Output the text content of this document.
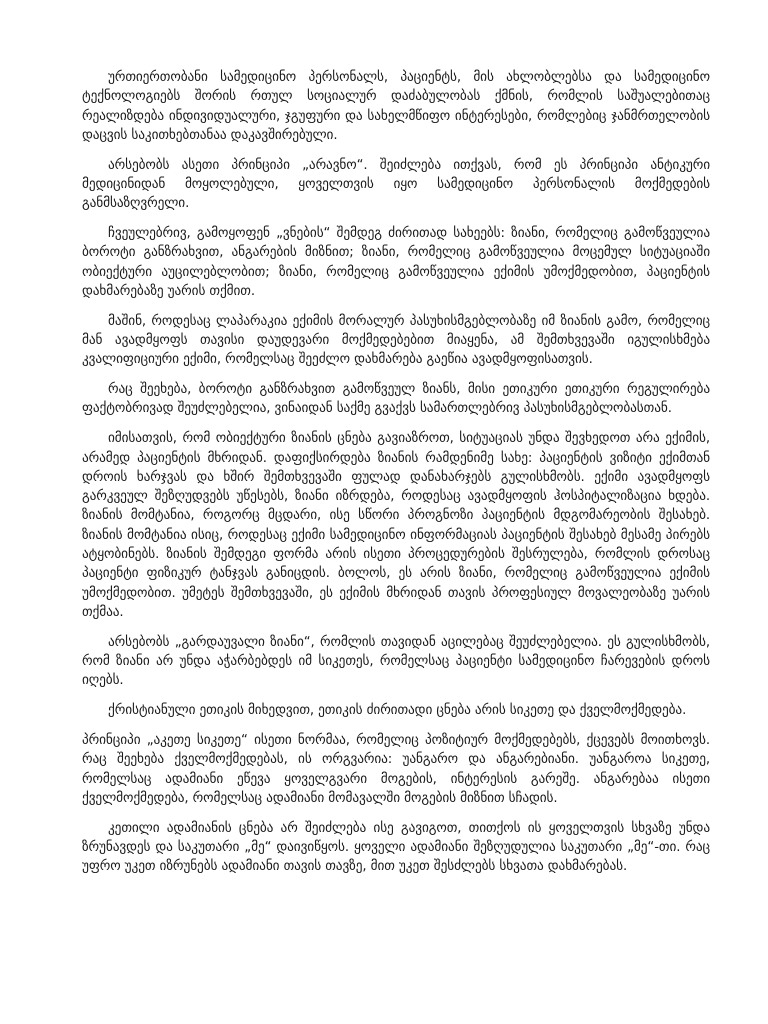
ურთიერთობანი სამედიცინო პერსონალს, პაციენტს, მის ახლობლებსა და სამედიცინო ტექნოლოგიებს შორის რთულ სოციალურ დაძაბულობას ქმნის, რომლის საშუალებითაც რეალიზდება ინდივიდუალური, ჯგუფური და სახელმწიფო ინტერესები, რომლებიც ჯანმრთელობის დაცვის საკითხებთანაა დაკავშირებული.

არსებობს ასეთი პრინციპი „არავნო“. შეიძლება ითქვას, რომ ეს პრინციპი ანტიკური მედიცინიდან მოყოლებული, ყოველთვის იყო სამედიცინო პერსონალის მოქმედების განმსაზღვრელი.

ჩვეულებრივ, გამოყოფენ „ვნების“ შემდეგ ძირითად სახეებს: ზიანი, რომელიც გამოწვეულია ბოროტი განზრახვით, ანგარების მიზნით; ზიანი, რომელიც გამოწვეულია მოცემულ სიტუაციაში ობიექტური აუცილებლობით; ზიანი, რომელიც გამოწვეულია ექიმის უმოქმედობით, პაციენტის დახმარებაზე უარის თქმით.

მაშინ, როდესაც ლაპარაკია ექიმის მორალურ პასუხისმგებლობაზე იმ ზიანის გამო, რომელიც მან ავადმყოფს თავისი დაუდევარი მოქმედებებით მიაყენა, ამ შემთხვევაში იგულისხმება კვალიფიციური ექიმი, რომელსაც შეეძლო დახმარება გაეწია ავადმყოფისათვის.

რაც შეეხება, ბოროტი განზრახვით გამოწვეულ ზიანს, მისი ეთიკური ეთიკური რეგულირება ფაქტობრივად შეუძლებელია, ვინაიდან საქმე გვაქვს სამართლებრივ პასუხისმგებლობასთან.

იმისათვის, რომ ობიექტური ზიანის ცნება გავიაზროთ, სიტუაციას უნდა შევხედოთ არა ექიმის, არამედ პაციენტის მხრიდან. დაფიქსირდება ზიანის რამდენიმე სახე: პაციენტის ვიზიტი ექიმთან დროის ხარჯვას და ხშირ შემთხვევაში ფულად დანახარჯებს გულისხმობს. ექიმი ავადმყოფს გარკვეულ შეზღუდვებს უწესებს, ზიანი იზრდება, როდესაც ავადმყოფის ჰოსპიტალიზაცია ხდება. ზიანის მომტანია, როგორც მცდარი, ისე სწორი პროგნოზი პაციენტის მდგომარეობის შესახებ. ზიანის მომტანია ისიც, როდესაც ექიმი სამედიცინო ინფორმაციას პაციენტის შესახებ მესამე პირებს ატყობინებს. ზიანის შემდეგი ფორმა არის ისეთი პროცედურების შესრულება, რომლის დროსაც პაციენტი ფიზიკურ ტანჯვას განიცდის. ბოლოს, ეს არის ზიანი, რომელიც გამოწვეულია ექიმის უმოქმედობით. უმეტეს შემთხვევაში, ეს ექიმის მხრიდან თავის პროფესიულ მოვალეობაზე უარის თქმაა.

არსებობს „გარდაუვალი ზიანი“, რომლის თავიდან აცილებაც შეუძლებელია. ეს გულისხმობს, რომ ზიანი არ უნდა აჭარბებდეს იმ სიკეთეს, რომელსაც პაციენტი სამედიცინო ჩარევების დროს იღებს.

ქრისტიანული ეთიკის მიხედვით, ეთიკის ძირითადი ცნება არის სიკეთე და ქველმოქმედება.

პრინციპი „აკეთე სიკეთე“ ისეთი ნორმაა, რომელიც პოზიტიურ მოქმედებებს, ქცევებს მოითხოვს. რაც შეეხება ქველმოქმედებას, ის ორგვარია: უანგარო და ანგარებიანი. უანგაროა სიკეთე, რომელსაც ადამიანი ეწევა ყოველგვარი მოგების, ინტერესის გარეშე. ანგარებაა ისეთი ქველმოქმედება, რომელსაც ადამიანი მომავალში მოგების მიზნით სჩადის.

კეთილი ადამიანის ცნება არ შეიძლება ისე გავიგოთ, თითქოს ის ყოველთვის სხვაზე უნდა ზრუნავდეს და საკუთარი „მე“ დაივიწყოს. ყოველი ადამიანი შეზღუდულია საკუთარი „მე“-თი. რაც უფრო უკეთ იზრუნებს ადამიანი თავის თავზე, მით უკეთ შესძლებს სხვათა დახმარებას.
